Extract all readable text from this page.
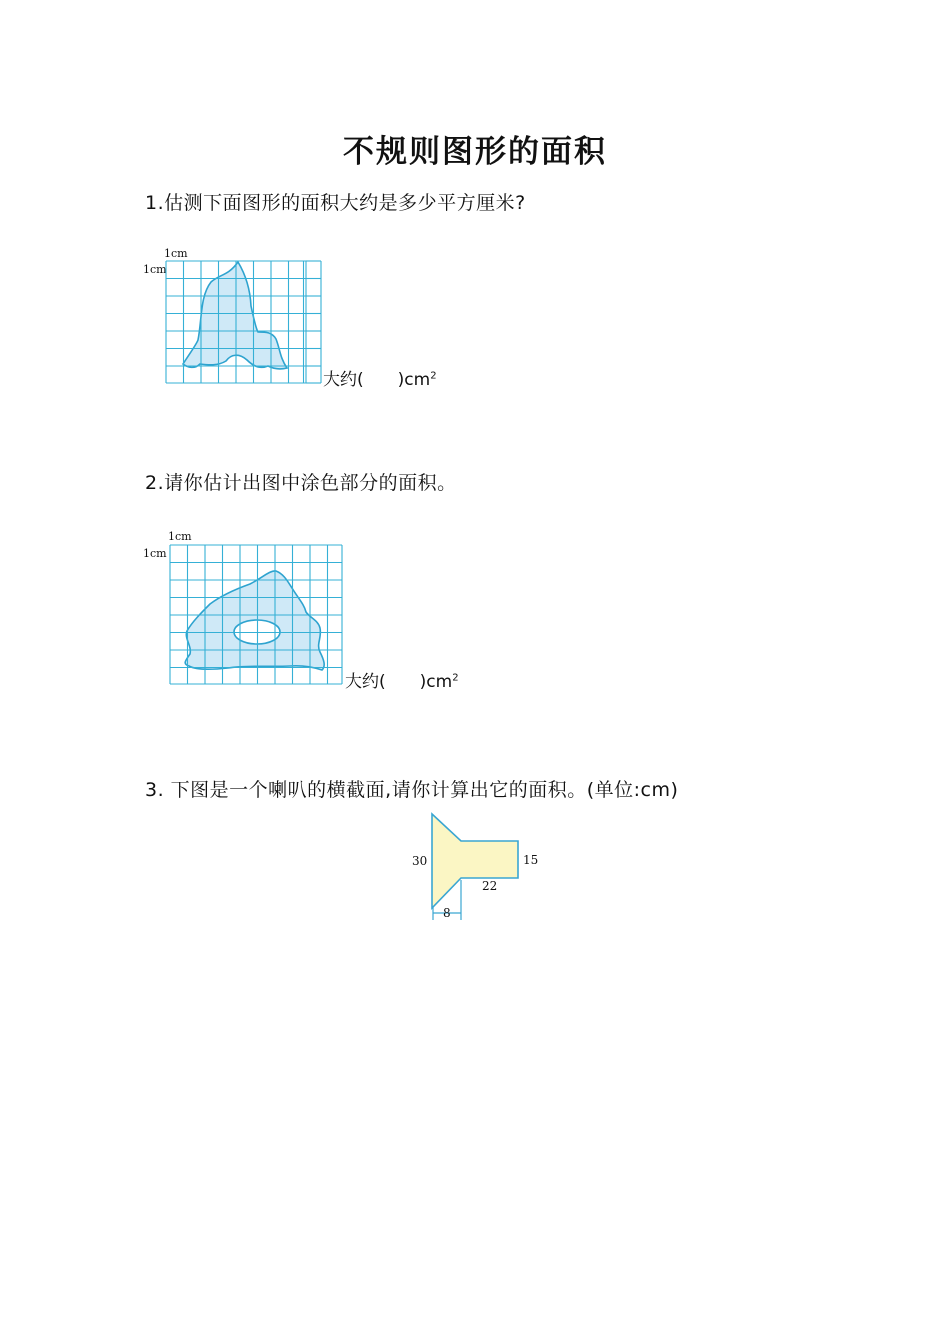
不规则图形的面积
1.估测下面图形的面积大约是多少平方厘米?
1cm
1cm
大约( )$cm^2$
2.请你估计出图中涂色部分的面积。
1cm
1cm
大约( )$cm^2$
3. 下图是一个喇叭的横截面,请你计算出它的面积。(单位:cm)
30	15
22
8
